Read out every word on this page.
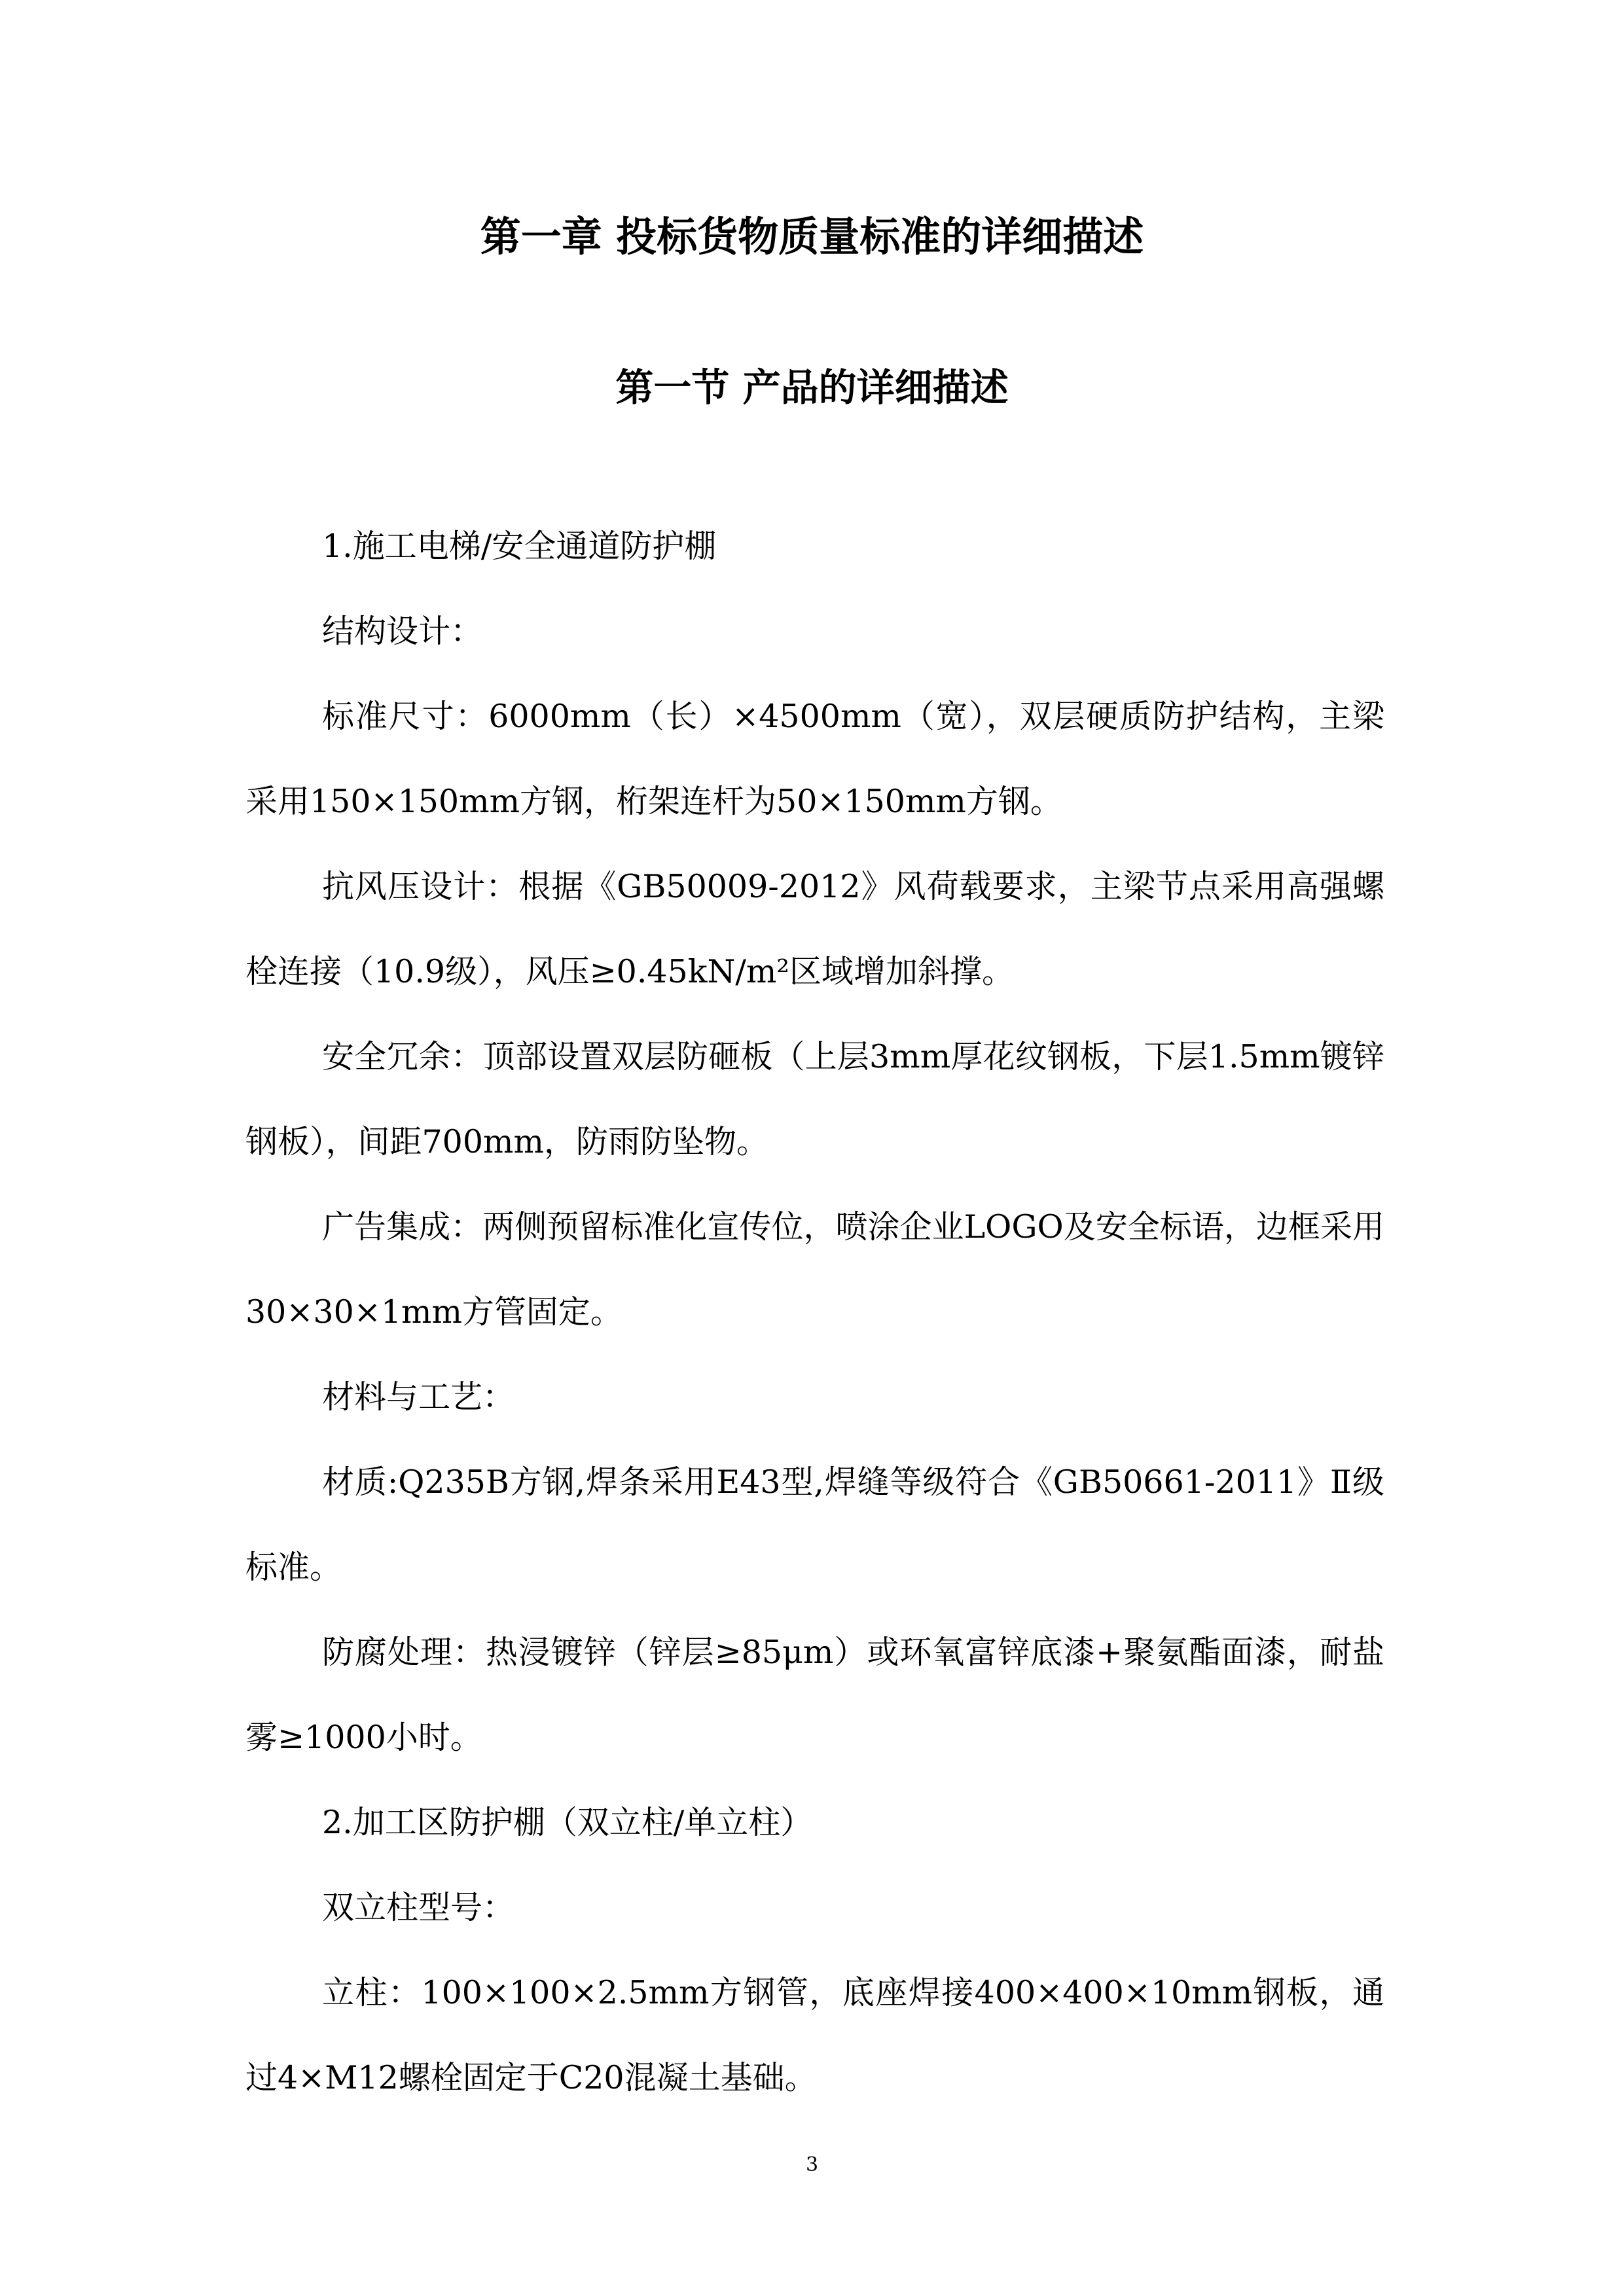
第一章 投标货物质量标准的详细描述
第一节 产品的详细描述

1.施工电梯/安全通道防护棚

结构设计：

标准尺寸：6000mm（长）×4500mm（宽），双层硬质防护结构，主梁采用150×150mm方钢，桁架连杆为50×150mm方钢。

抗风压设计：根据《GB50009-2012》风荷载要求，主梁节点采用高强螺栓连接（10.9级），风压≥0.45kN/m²区域增加斜撑。

安全冗余：顶部设置双层防砸板（上层3mm厚花纹钢板，下层1.5mm镀锌钢板），间距700mm，防雨防坠物。

广告集成：两侧预留标准化宣传位，喷涂企业LOGO及安全标语，边框采用30×30×1mm方管固定。

材料与工艺：

材质:Q235B方钢,焊条采用E43型,焊缝等级符合《GB50661-2011》Ⅱ级标准。

防腐处理：热浸镀锌（锌层≥85μm）或环氧富锌底漆+聚氨酯面漆，耐盐雾≥1000小时。

2.加工区防护棚（双立柱/单立柱）

双立柱型号：

立柱：100×100×2.5mm方钢管，底座焊接400×400×10mm钢板，通过4×M12螺栓固定于C20混凝土基础。

3
